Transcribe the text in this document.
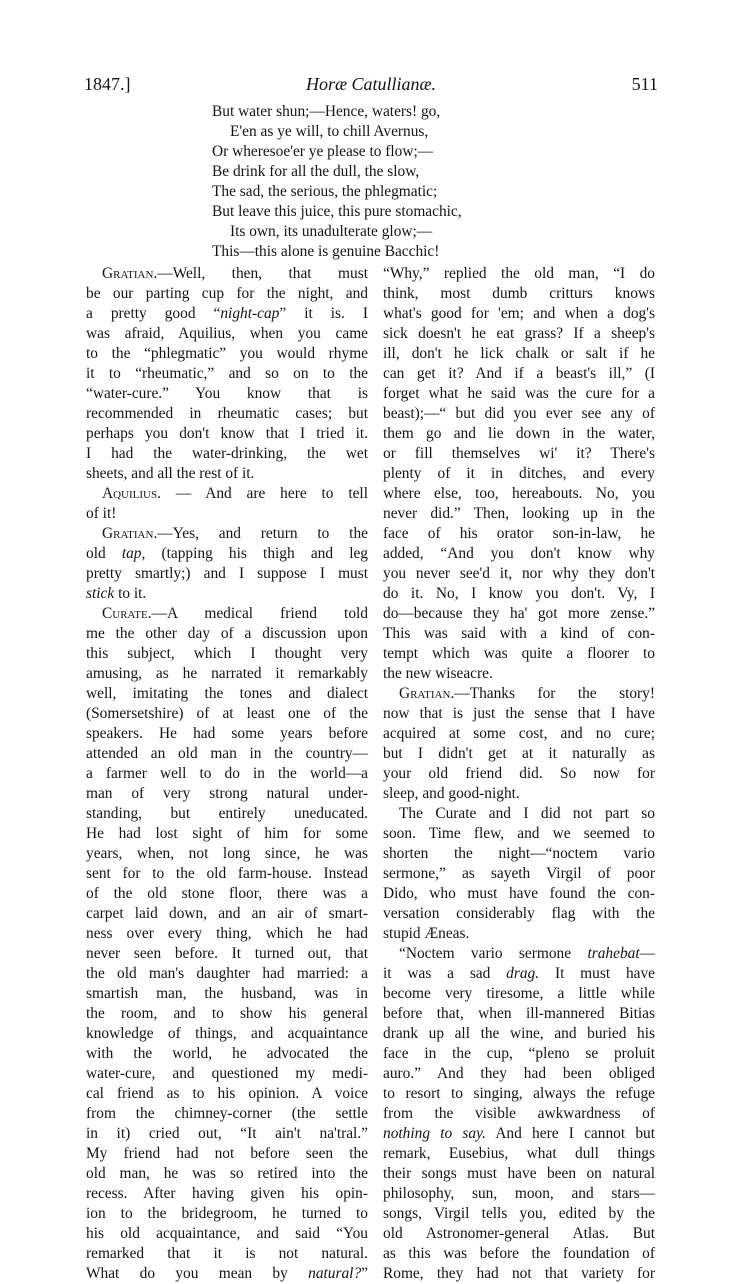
1847.]	Horæ Catullianæ.	511
But water shun;—Hence, waters! go,
E'en as ye will, to chill Avernus,
Or wheresoe'er ye please to flow;—
Be drink for all the dull, the slow,
The sad, the serious, the phlegmatic;
But leave this juice, this pure stomachic,
Its own, its unadulterate glow;—
This—this alone is genuine Bacchic!
Gratian.—Well, then, that must
be our parting cup for the night, and
a pretty good “night-cap” it is. I
was afraid, Aquilius, when you came
to the “phlegmatic” you would rhyme
it to “rheumatic,” and so on to the
“water-cure.” You know that is
recommended in rheumatic cases; but
perhaps you don't know that I tried it.
I had the water-drinking, the wet
sheets, and all the rest of it.
Aquilius. — And are here to tell
of it!
Gratian.—Yes, and return to the
old tap, (tapping his thigh and leg
pretty smartly;) and I suppose I must
stick to it.
Curate.—A medical friend told
me the other day of a discussion upon
this subject, which I thought very
amusing, as he narrated it remarkably
well, imitating the tones and dialect
(Somersetshire) of at least one of the
speakers. He had some years before
attended an old man in the country—
a farmer well to do in the world—a
man of very strong natural under-
standing, but entirely uneducated.
He had lost sight of him for some
years, when, not long since, he was
sent for to the old farm-house. Instead
of the old stone floor, there was a
carpet laid down, and an air of smart-
ness over every thing, which he had
never seen before. It turned out, that
the old man's daughter had married: a
smartish man, the husband, was in
the room, and to show his general
knowledge of things, and acquaintance
with the world, he advocated the
water-cure, and questioned my medi-
cal friend as to his opinion. A voice
from the chimney-corner (the settle
in it) cried out, “It ain't na'tral.”
My friend had not before seen the
old man, he was so retired into the
recess. After having given his opin-
ion to the bridegroom, he turned to
his old acquaintance, and said “You
remarked that it is not natural.
What do you mean by natural?”
“Why,” replied the old man, “I do
think, most dumb critturs knows
what's good for 'em; and when a dog's
sick doesn't he eat grass? If a sheep's
ill, don't he lick chalk or salt if he
can get it? And if a beast's ill,” (I
forget what he said was the cure for a
beast);—“ but did you ever see any of
them go and lie down in the water,
or fill themselves wi' it? There's
plenty of it in ditches, and every
where else, too, hereabouts. No, you
never did.” Then, looking up in the
face of his orator son-in-law, he
added, “And you don't know why
you never see'd it, nor why they don't
do it. No, I know you don't. Vy, I
do—because they ha' got more zense.”
This was said with a kind of con-
tempt which was quite a floorer to
the new wiseacre.
Gratian.—Thanks for the story!
now that is just the sense that I have
acquired at some cost, and no cure;
but I didn't get at it naturally as
your old friend did. So now for
sleep, and good-night.
The Curate and I did not part so
soon. Time flew, and we seemed to
shorten the night—“noctem vario
sermone,” as sayeth Virgil of poor
Dido, who must have found the con-
versation considerably flag with the
stupid Æneas.
“Noctem vario sermone trahebat—
it was a sad drag. It must have
become very tiresome, a little while
before that, when ill-mannered Bitias
drank up all the wine, and buried his
face in the cup, “pleno se proluit
auro.” And they had been obliged
to resort to singing, always the refuge
from the visible awkwardness of
nothing to say. And here I cannot but
remark, Eusebius, what dull things
their songs must have been on natural
philosophy, sun, moon, and stars—
songs, Virgil tells you, edited by the
old Astronomer-general Atlas. But
as this was before the foundation of
Rome, they had not that variety for
